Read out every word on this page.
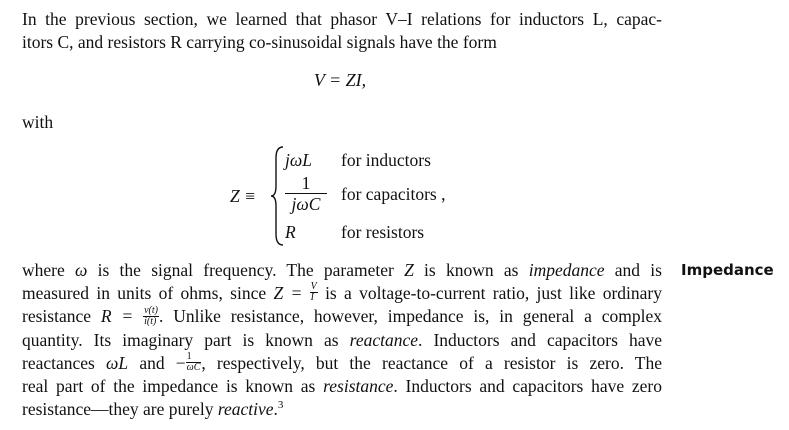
In the previous section, we learned that phasor V–I relations for inductors L, capac-
itors C, and resistors R carrying co-sinusoidal signals have the form
V = ZI,
with
Z ≡
jωL for inductors
1
jωC	for capacitors ,
R	for resistors
where ω is the signal frequency. The parameter Z is known as impedance and is
measured in units of ohms, since $Z = \frac{V}{I}$ is a voltage-to-current ratio, just like ordinary
resistance $R = \frac{v(t)}{i(t)}$ . Unlike resistance, however, impedance is, in general a complex
quantity. Its imaginary part is known as reactance. Inductors and capacitors have
reactances ωL and − $\frac{1}{\omega C}$ , respectively, but the reactance of a resistor is zero. The
real part of the impedance is known as resistance. Inductors and capacitors have zero
resistance—they are purely reactive.$^3$
Impedance
